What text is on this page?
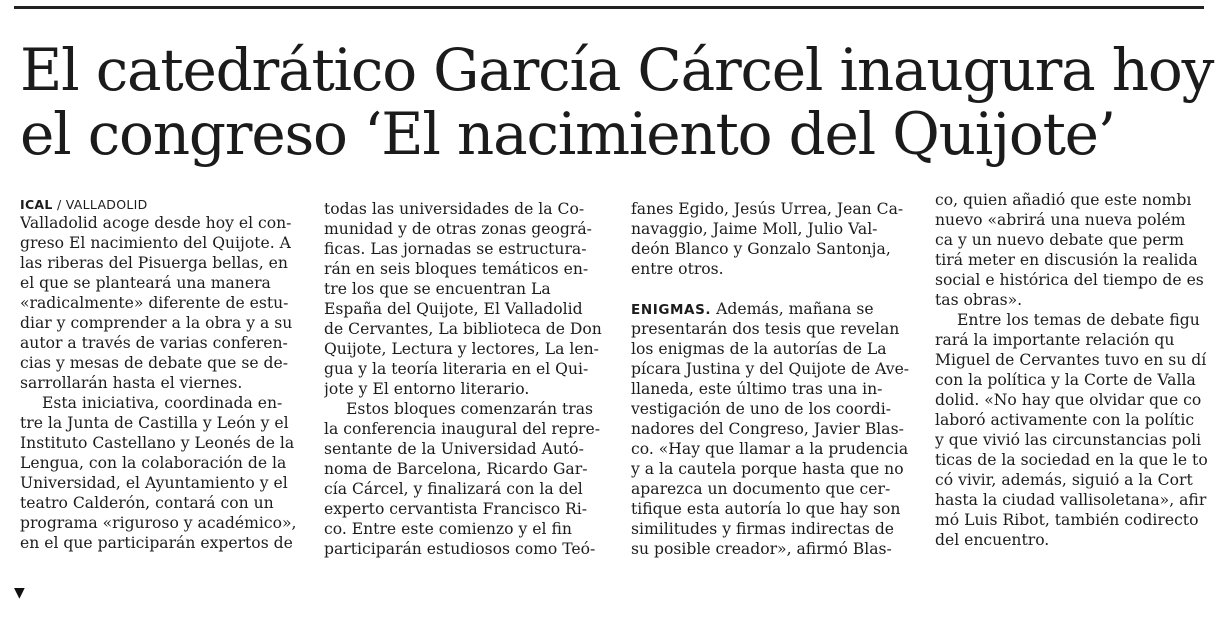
El catedrático García Cárcel inaugura hoy
el congreso ‘El nacimiento del Quijote’
ICAL / VALLADOLID
Valladolid acoge desde hoy el con-
greso El nacimiento del Quijote. A
las riberas del Pisuerga bellas, en
el que se planteará una manera
«radicalmente» diferente de estu-
diar y comprender a la obra y a su
autor a través de varias conferen-
cias y mesas de debate que se de-
sarrollarán hasta el viernes.
Esta iniciativa, coordinada en-
tre la Junta de Castilla y León y el
Instituto Castellano y Leonés de la
Lengua, con la colaboración de la
Universidad, el Ayuntamiento y el
teatro Calderón, contará con un
programa «riguroso y académico»,
en el que participarán expertos de
todas las universidades de la Co-
munidad y de otras zonas geográ-
ficas. Las jornadas se estructura-
rán en seis bloques temáticos en-
tre los que se encuentran La
España del Quijote, El Valladolid
de Cervantes, La biblioteca de Don
Quijote, Lectura y lectores, La len-
gua y la teoría literaria en el Qui-
jote y El entorno literario.
Estos bloques comenzarán tras
la conferencia inaugural del repre-
sentante de la Universidad Autó-
noma de Barcelona, Ricardo Gar-
cía Cárcel, y finalizará con la del
experto cervantista Francisco Ri-
co. Entre este comienzo y el fin
participarán estudiosos como Teó-
fanes Egido, Jesús Urrea, Jean Ca-
navaggio, Jaime Moll, Julio Val-
deón Blanco y Gonzalo Santonja,
entre otros.
ENIGMAS. Además, mañana se
presentarán dos tesis que revelan
los enigmas de la autorías de La
pícara Justina y del Quijote de Ave-
llaneda, este último tras una in-
vestigación de uno de los coordi-
nadores del Congreso, Javier Blas-
co. «Hay que llamar a la prudencia
y a la cautela porque hasta que no
aparezca un documento que cer-
tifique esta autoría lo que hay son
similitudes y firmas indirectas de
su posible creador», afirmó Blas-
co, quien añadió que este nombı
nuevo «abrirá una nueva polém
ca y un nuevo debate que perm
tirá meter en discusión la realida
social e histórica del tiempo de es
tas obras».
Entre los temas de debate figu
rará la importante relación qu
Miguel de Cervantes tuvo en su dí
con la política y la Corte de Valla
dolid. «No hay que olvidar que co
laboró activamente con la polític
y que vivió las circunstancias poli
ticas de la sociedad en la que le to
có vivir, además, siguió a la Cort
hasta la ciudad vallisoletana», afir
mó Luis Ribot, también codirecto
del encuentro.
▼
